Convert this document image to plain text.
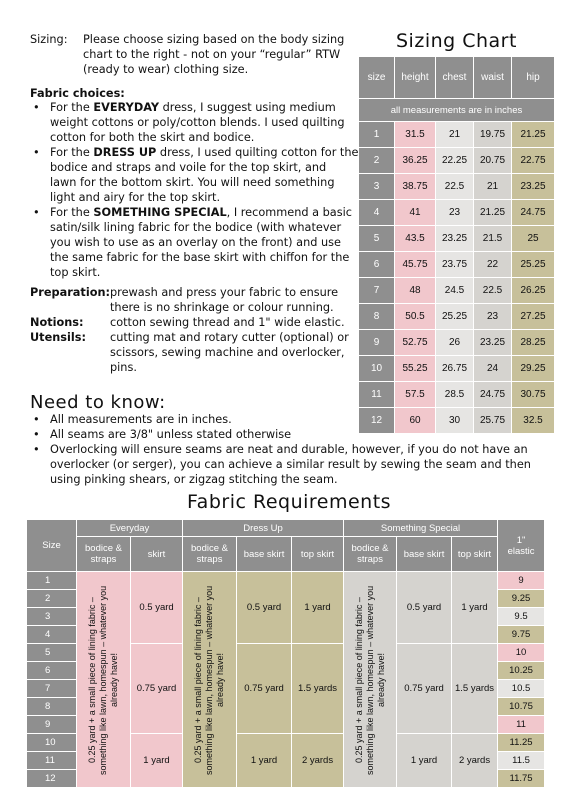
Sizing: Please choose sizing based on the body sizing
chart to the right - not on your “regular” RTW
(ready to wear) clothing size.
Fabric choices:
• For the EVERYDAY dress, I suggest using medium
weight cottons or poly/cotton blends. I used quilting
cotton for both the skirt and bodice.
• For the DRESS UP dress, I used quilting cotton for the
bodice and straps and voile for the top skirt, and
lawn for the bottom skirt. You will need something
light and airy for the top skirt.
• For the SOMETHING SPECIAL, I recommend a basic
satin/silk lining fabric for the bodice (with whatever
you wish to use as an overlay on the front) and use
the same fabric for the base skirt with chiffon for the
top skirt.
Preparation: prewash and press your fabric to ensure
there is no shrinkage or colour running.
Notions: cotton sewing thread and 1" wide elastic.
Utensils: cutting mat and rotary cutter (optional) or
scissors, sewing machine and overlocker,
pins.
Sizing Chart
size	height	chest	waist	hip
all measurements are in inches				
1	31.5	21	19.75	21.25
2	36.25	22.25	20.75	22.75
3	38.75	22.5	21	23.25
4	41	23	21.25	24.75
5	43.5	23.25	21.5	25
6	45.75	23.75	22	25.25
7	48	24.5	22.5	26.25
8	50.5	25.25	23	27.25
9	52.75	26	23.25	28.25
10	55.25	26.75	24	29.25
11	57.5	28.5	24.75	30.75
12	60	30	25.75	32.5
Need to know:
• All measurements are in inches.
• All seams are 3/8" unless stated otherwise
• Overlocking will ensure seams are neat and durable, however, if you do not have an overlocker (or serger), you can achieve a similar result by sewing the seam and then using pinking shears, or zigzag stitching the seam.
Fabric Requirements
Size	Everyday		Dress Up			Something Special			1" elastic
	bodice & straps	skirt	bodice & straps	base skirt	top skirt	bodice & straps	base skirt	top skirt	
1	0.25 yard + a small piece of lining fabric – something like lawn, homespun – whatever you already have!	0.5 yard	0.25 yard + a small piece of lining fabric – something like lawn, homespun – whatever you already have!	0.5 yard	1 yard	0.25 yard + a small piece of lining fabric – something like lawn, homespun – whatever you already have!	0.5 yard	1 yard	9
2									9.25
3									9.5
4									9.75
5		0.75 yard		0.75 yard	1.5 yards		0.75 yard	1.5 yards	10
6									10.25
7									10.5
8									10.75
9									11
10		1 yard		1 yard	2 yards		1 yard	2 yards	11.25
11									11.5
12									11.75
